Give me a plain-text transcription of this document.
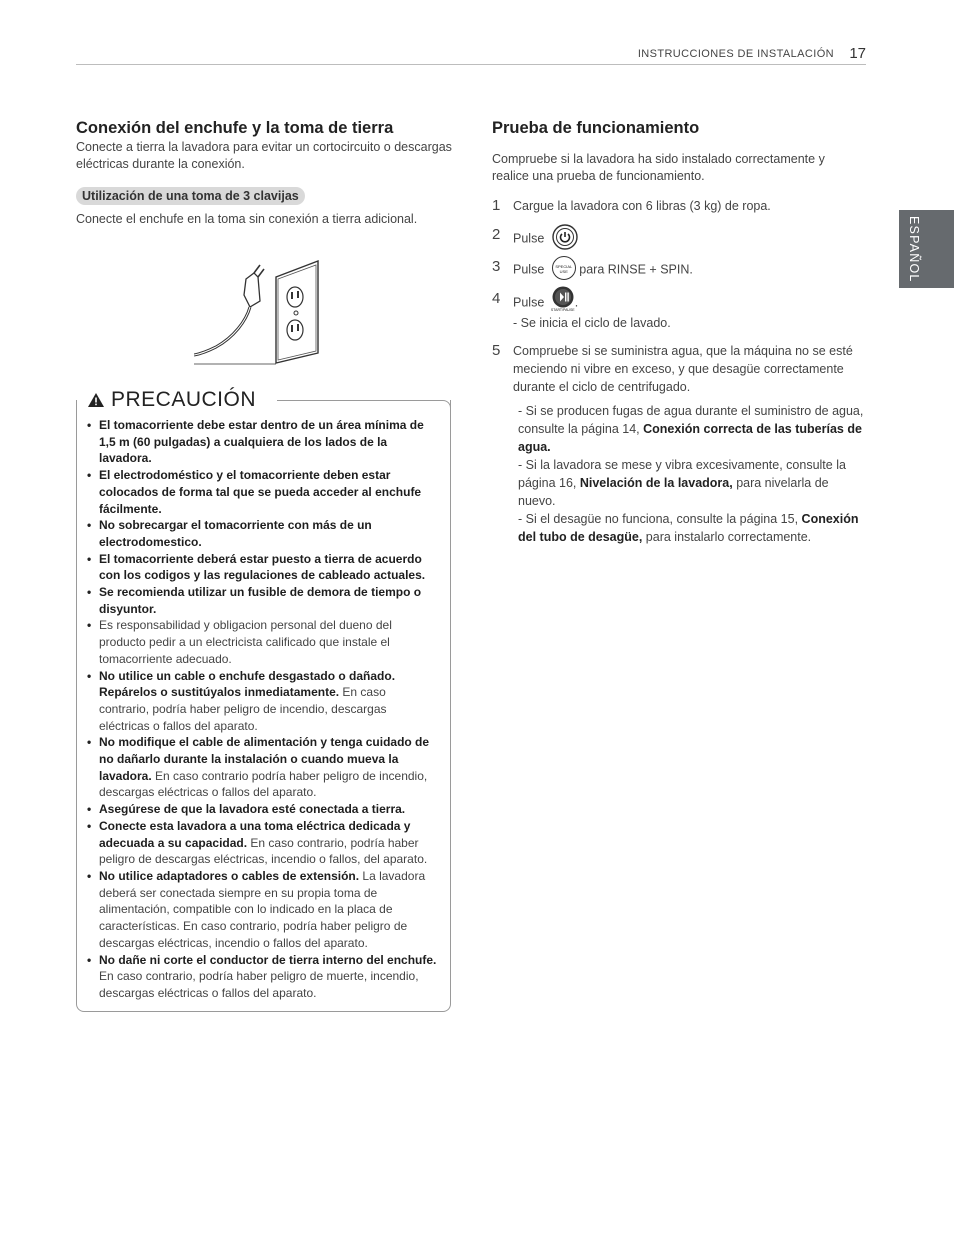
INSTRUCCIONES DE INSTALACIÓN 17
ESPAÑOL
Conexión del enchufe y la toma de tierra

Conecte a tierra la lavadora para evitar un cortocircuito o descargas eléctricas durante la conexión.

Utilización de una toma de 3 clavijas

Conecte el enchufe en la toma sin conexión a tierra adicional.

PRECAUCIÓN
• El tomacorriente debe estar dentro de un área mínima de 1,5 m (60 pulgadas) a cualquiera de los lados de la lavadora.
• El electrodoméstico y el tomacorriente deben estar colocados de forma tal que se pueda acceder al enchufe fácilmente.
• No sobrecargar el tomacorriente con más de un electrodomestico.
• El tomacorriente deberá estar puesto a tierra de acuerdo con los codigos y las regulaciones de cableado actuales.
• Se recomienda utilizar un fusible de demora de tiempo o disyuntor.
• Es responsabilidad y obligacion personal del dueno del producto pedir a un electricista calificado que instale el tomacorriente adecuado.
• No utilice un cable o enchufe desgastado o dañado. Repárelos o sustitúyalos inmediatamente. En caso contrario, podría haber peligro de incendio, descargas eléctricas o fallos del aparato.
• No modifique el cable de alimentación y tenga cuidado de no dañarlo durante la instalación o cuando mueva la lavadora. En caso contrario podría haber peligro de incendio, descargas eléctricas o fallos del aparato.
• Asegúrese de que la lavadora esté conectada a tierra.
• Conecte esta lavadora a una toma eléctrica dedicada y adecuada a su capacidad. En caso contrario, podría haber peligro de descargas eléctricas, incendio o fallos, del aparato.
• No utilice adaptadores o cables de extensión. La lavadora deberá ser conectada siempre en su propia toma de alimentación, compatible con lo indicado en la placa de características. En caso contrario, podría haber peligro de descargas eléctricas, incendio o fallos del aparato.
• No dañe ni corte el conductor de tierra interno del enchufe. En caso contrario, podría haber peligro de muerte, incendio, descargas eléctricas o fallos del aparato.
Prueba de funcionamiento

Compruebe si la lavadora ha sido instalado correctamente y realice una prueba de funcionamiento.

1 Cargue la lavadora con 6 libras (3 kg) de ropa.
2 Pulse
3 Pulse	SPECIAL USE para RINSE + SPIN.
4 Pulse
START/PAUSE
.
- Se inicia el ciclo de lavado.
5 Compruebe si se suministra agua, que la máquina no se esté meciendo ni vibre en exceso, y que desagüe correctamente durante el ciclo de centrifugado.
- Si se producen fugas de agua durante el suministro de agua, consulte la página 14, Conexión correcta de las tuberías de agua.
- Si la lavadora se mese y vibra excesivamente, consulte la página 16, Nivelación de la lavadora, para nivelarla de nuevo.
- Si el desagüe no funciona, consulte la página 15, Conexión del tubo de desagüe, para instalarlo correctamente.
